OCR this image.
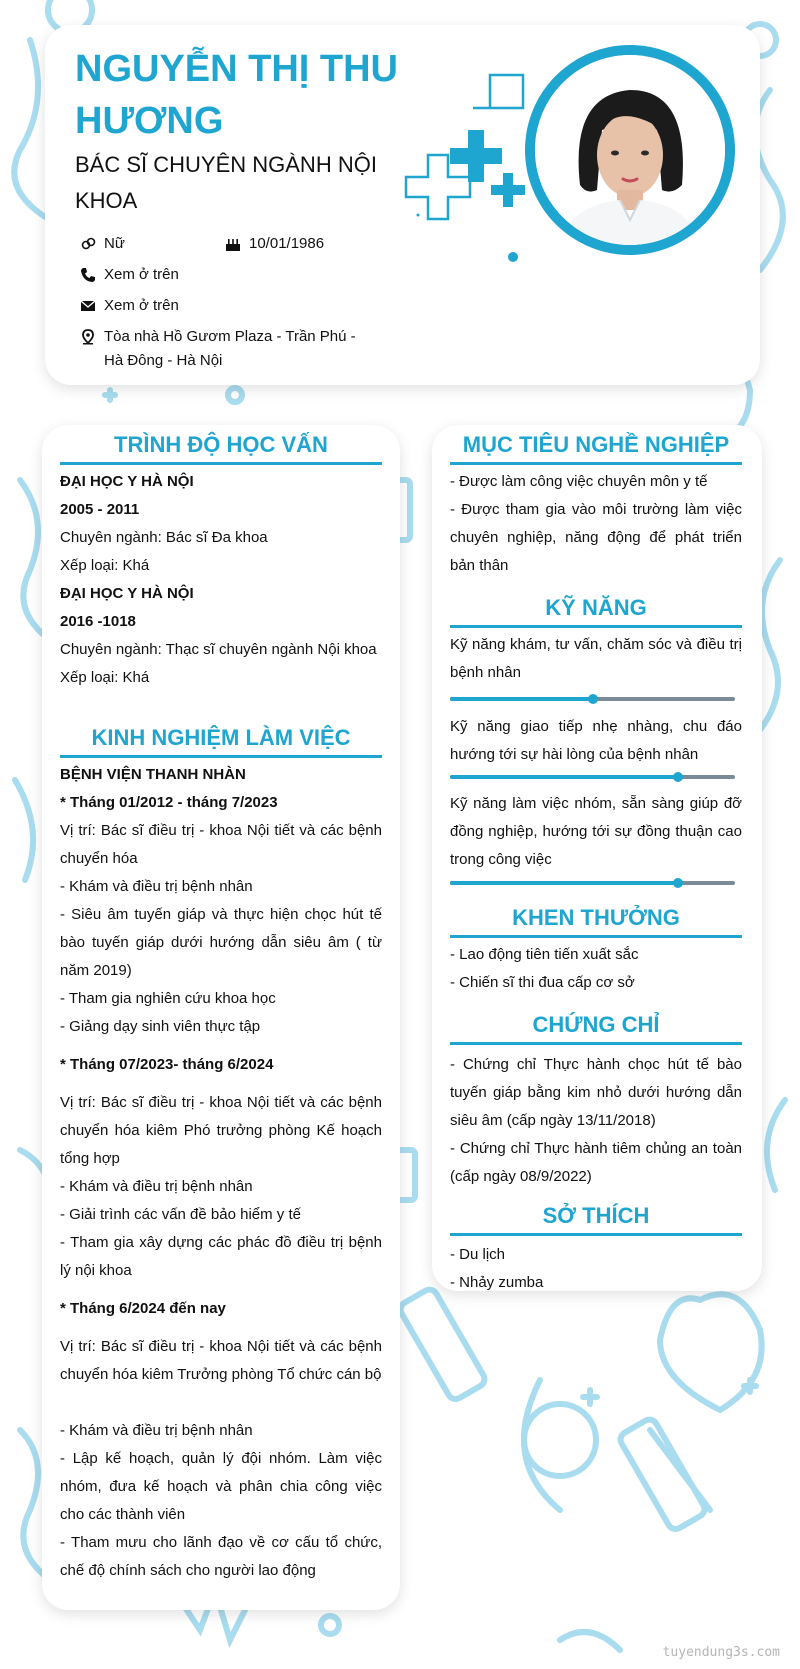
NGUYỄN THỊ THU HƯƠNG
BÁC SĨ CHUYÊN NGÀNH NỘI KHOA
Nữ	10/01/1986
Xem ở trên
Xem ở trên
Tòa nhà Hồ Gươm Plaza - Trần Phú - Hà Đông - Hà Nội
TRÌNH ĐỘ HỌC VẤN
ĐẠI HỌC Y HÀ NỘI
2005 - 2011
Chuyên ngành: Bác sĩ Đa khoa
Xếp loại: Khá
ĐẠI HỌC Y HÀ NỘI
2016 -1018
Chuyên ngành: Thạc sĩ chuyên ngành Nội khoa
Xếp loại: Khá
KINH NGHIỆM LÀM VIỆC
BỆNH VIỆN THANH NHÀN
* Tháng 01/2012 - tháng 7/2023
Vị trí: Bác sĩ điều trị - khoa Nội tiết và các bệnh chuyển hóa
- Khám và điều trị bệnh nhân
- Siêu âm tuyến giáp và thực hiện chọc hút tế bào tuyến giáp dưới hướng dẫn siêu âm ( từ năm 2019)
- Tham gia nghiên cứu khoa học
- Giảng dạy sinh viên thực tập
* Tháng 07/2023- tháng 6/2024
Vị trí: Bác sĩ điều trị - khoa Nội tiết và các bệnh chuyển hóa kiêm Phó trưởng phòng Kế hoạch tổng hợp
- Khám và điều trị bệnh nhân
- Giải trình các vấn đề bảo hiểm y tế
- Tham gia xây dựng các phác đồ điều trị bệnh lý nội khoa
* Tháng 6/2024 đến nay
Vị trí: Bác sĩ điều trị - khoa Nội tiết và các bệnh chuyển hóa kiêm Trưởng phòng Tổ chức cán bộ
- Khám và điều trị bệnh nhân
- Lập kế hoạch, quản lý đội nhóm. Làm việc nhóm, đưa kế hoạch và phân chia công việc cho các thành viên
- Tham mưu cho lãnh đạo về cơ cấu tổ chức, chế độ chính sách cho người lao động
MỤC TIÊU NGHỀ NGHIỆP
- Được làm công việc chuyên môn y tế
- Được tham gia vào môi trường làm việc chuyên nghiệp, năng động để phát triển bản thân
KỸ NĂNG
Kỹ năng khám, tư vấn, chăm sóc và điều trị bệnh nhân
Kỹ năng giao tiếp nhẹ nhàng, chu đáo hướng tới sự hài lòng của bệnh nhân
Kỹ năng làm việc nhóm, sẵn sàng giúp đỡ đồng nghiệp, hướng tới sự đồng thuận cao trong công việc
KHEN THƯỞNG
- Lao động tiên tiến xuất sắc
- Chiến sĩ thi đua cấp cơ sở
CHỨNG CHỈ
- Chứng chỉ Thực hành chọc hút tế bào tuyến giáp bằng kim nhỏ dưới hướng dẫn siêu âm (cấp ngày 13/11/2018)
- Chứng chỉ Thực hành tiêm chủng an toàn (cấp ngày 08/9/2022)
SỞ THÍCH
- Du lịch
- Nhảy zumba
tuyendung3s.com
